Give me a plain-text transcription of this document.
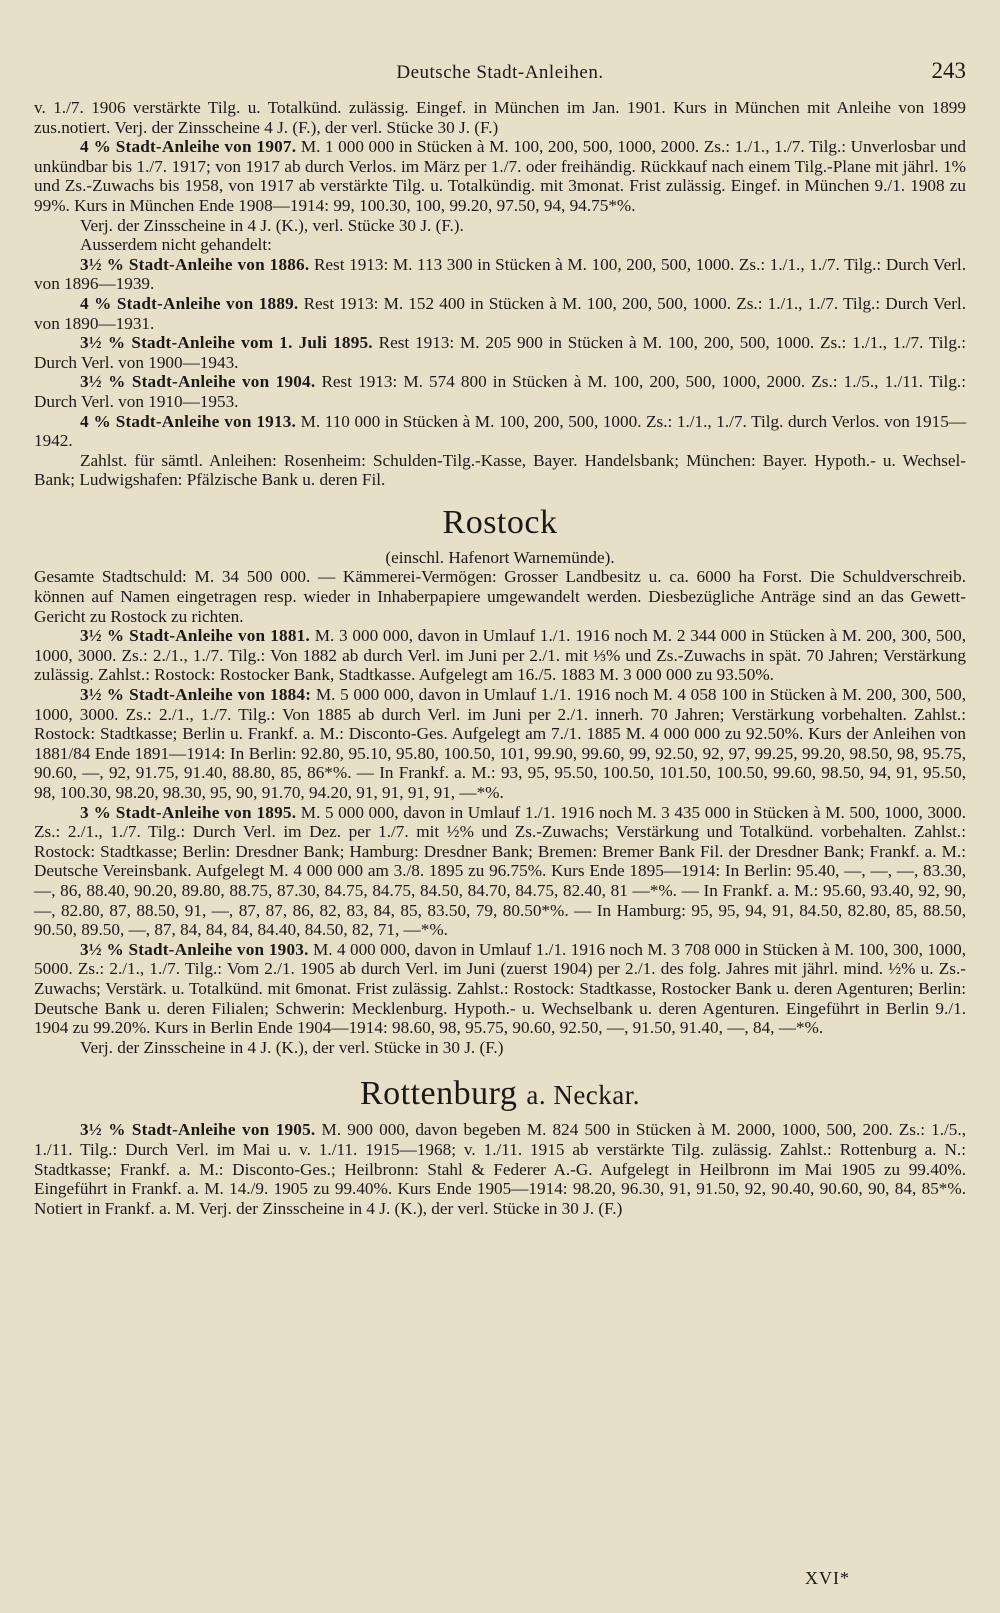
Deutsche Stadt-Anleihen.	243

v. 1./7. 1906 verstärkte Tilg. u. Totalkünd. zulässig. Eingef. in München im Jan. 1901. Kurs in München mit Anleihe von 1899 zus.notiert. Verj. der Zinsscheine 4 J. (F.), der verl. Stücke 30 J. (F.)

4 % Stadt-Anleihe von 1907. M. 1 000 000 in Stücken à M. 100, 200, 500, 1000, 2000. Zs.: 1./1., 1./7. Tilg.: Unverlosbar und unkündbar bis 1./7. 1917; von 1917 ab durch Verlos. im März per 1./7. oder freihändig. Rückkauf nach einem Tilg.-Plane mit jährl. 1% und Zs.-Zuwachs bis 1958, von 1917 ab verstärkte Tilg. u. Totalkündig. mit 3monat. Frist zulässig. Eingef. in München 9./1. 1908 zu 99%. Kurs in München Ende 1908—1914: 99, 100.30, 100, 99.20, 97.50, 94, 94.75*%.

Verj. der Zinsscheine in 4 J. (K.), verl. Stücke 30 J. (F.).

Ausserdem nicht gehandelt:

3½ % Stadt-Anleihe von 1886. Rest 1913: M. 113 300 in Stücken à M. 100, 200, 500, 1000. Zs.: 1./1., 1./7. Tilg.: Durch Verl. von 1896—1939.

4 % Stadt-Anleihe von 1889. Rest 1913: M. 152 400 in Stücken à M. 100, 200, 500, 1000. Zs.: 1./1., 1./7. Tilg.: Durch Verl. von 1890—1931.

3½ % Stadt-Anleihe vom 1. Juli 1895. Rest 1913: M. 205 900 in Stücken à M. 100, 200, 500, 1000. Zs.: 1./1., 1./7. Tilg.: Durch Verl. von 1900—1943.

3½ % Stadt-Anleihe von 1904. Rest 1913: M. 574 800 in Stücken à M. 100, 200, 500, 1000, 2000. Zs.: 1./5., 1./11. Tilg.: Durch Verl. von 1910—1953.

4 % Stadt-Anleihe von 1913. M. 110 000 in Stücken à M. 100, 200, 500, 1000. Zs.: 1./1., 1./7. Tilg. durch Verlos. von 1915—1942.

Zahlst. für sämtl. Anleihen: Rosenheim: Schulden-Tilg.-Kasse, Bayer. Handelsbank; München: Bayer. Hypoth.- u. Wechsel-Bank; Ludwigshafen: Pfälzische Bank u. deren Fil.

Rostock
(einschl. Hafenort Warnemünde).

Gesamte Stadtschuld: M. 34 500 000. — Kämmerei-Vermögen: Grosser Landbesitz u. ca. 6000 ha Forst. Die Schuldverschreib. können auf Namen eingetragen resp. wieder in Inhaberpapiere umgewandelt werden. Diesbezügliche Anträge sind an das Gewett-Gericht zu Rostock zu richten.

3½ % Stadt-Anleihe von 1881. M. 3 000 000, davon in Umlauf 1./1. 1916 noch M. 2 344 000 in Stücken à M. 200, 300, 500, 1000, 3000. Zs.: 2./1., 1./7. Tilg.: Von 1882 ab durch Verl. im Juni per 2./1. mit ⅓% und Zs.-Zuwachs in spät. 70 Jahren; Verstärkung zulässig. Zahlst.: Rostock: Rostocker Bank, Stadtkasse. Aufgelegt am 16./5. 1883 M. 3 000 000 zu 93.50%.

3½ % Stadt-Anleihe von 1884: M. 5 000 000, davon in Umlauf 1./1. 1916 noch M. 4 058 100 in Stücken à M. 200, 300, 500, 1000, 3000. Zs.: 2./1., 1./7. Tilg.: Von 1885 ab durch Verl. im Juni per 2./1. innerh. 70 Jahren; Verstärkung vorbehalten. Zahlst.: Rostock: Stadtkasse; Berlin u. Frankf. a. M.: Disconto-Ges. Aufgelegt am 7./1. 1885 M. 4 000 000 zu 92.50%. Kurs der Anleihen von 1881/84 Ende 1891—1914: In Berlin: 92.80, 95.10, 95.80, 100.50, 101, 99.90, 99.60, 99, 92.50, 92, 97, 99.25, 99.20, 98.50, 98, 95.75, 90.60, —, 92, 91.75, 91.40, 88.80, 85, 86*%. — In Frankf. a. M.: 93, 95, 95.50, 100.50, 101.50, 100.50, 99.60, 98.50, 94, 91, 95.50, 98, 100.30, 98.20, 98.30, 95, 90, 91.70, 94.20, 91, 91, 91, 91, —*%.

3 % Stadt-Anleihe von 1895. M. 5 000 000, davon in Umlauf 1./1. 1916 noch M. 3 435 000 in Stücken à M. 500, 1000, 3000. Zs.: 2./1., 1./7. Tilg.: Durch Verl. im Dez. per 1./7. mit ½% und Zs.-Zuwachs; Verstärkung und Totalkünd. vorbehalten. Zahlst.: Rostock: Stadtkasse; Berlin: Dresdner Bank; Hamburg: Dresdner Bank; Bremen: Bremer Bank Fil. der Dresdner Bank; Frankf. a. M.: Deutsche Vereinsbank. Aufgelegt M. 4 000 000 am 3./8. 1895 zu 96.75%. Kurs Ende 1895—1914: In Berlin: 95.40, —, —, —, 83.30, —, 86, 88.40, 90.20, 89.80, 88.75, 87.30, 84.75, 84.75, 84.50, 84.70, 84.75, 82.40, 81 —*%. — In Frankf. a. M.: 95.60, 93.40, 92, 90, —, 82.80, 87, 88.50, 91, —, 87, 87, 86, 82, 83, 84, 85, 83.50, 79, 80.50*%. — In Hamburg: 95, 95, 94, 91, 84.50, 82.80, 85, 88.50, 90.50, 89.50, —, 87, 84, 84, 84, 84.40, 84.50, 82, 71, —*%.

3½ % Stadt-Anleihe von 1903. M. 4 000 000, davon in Umlauf 1./1. 1916 noch M. 3 708 000 in Stücken à M. 100, 300, 1000, 5000. Zs.: 2./1., 1./7. Tilg.: Vom 2./1. 1905 ab durch Verl. im Juni (zuerst 1904) per 2./1. des folg. Jahres mit jährl. mind. ½% u. Zs.-Zuwachs; Verstärk. u. Totalkünd. mit 6monat. Frist zulässig. Zahlst.: Rostock: Stadtkasse, Rostocker Bank u. deren Agenturen; Berlin: Deutsche Bank u. deren Filialen; Schwerin: Mecklenburg. Hypoth.- u. Wechselbank u. deren Agenturen. Eingeführt in Berlin 9./1. 1904 zu 99.20%. Kurs in Berlin Ende 1904—1914: 98.60, 98, 95.75, 90.60, 92.50, —, 91.50, 91.40, —, 84, —*%.

Verj. der Zinsscheine in 4 J. (K.), der verl. Stücke in 30 J. (F.)

Rottenburg a. Neckar.

3½ % Stadt-Anleihe von 1905. M. 900 000, davon begeben M. 824 500 in Stücken à M. 2000, 1000, 500, 200. Zs.: 1./5., 1./11. Tilg.: Durch Verl. im Mai u. v. 1./11. 1915—1968; v. 1./11. 1915 ab verstärkte Tilg. zulässig. Zahlst.: Rottenburg a. N.: Stadtkasse; Frankf. a. M.: Disconto-Ges.; Heilbronn: Stahl & Federer A.-G. Aufgelegt in Heilbronn im Mai 1905 zu 99.40%. Eingeführt in Frankf. a. M. 14./9. 1905 zu 99.40%. Kurs Ende 1905—1914: 98.20, 96.30, 91, 91.50, 92, 90.40, 90.60, 90, 84, 85*%. Notiert in Frankf. a. M. Verj. der Zinsscheine in 4 J. (K.), der verl. Stücke in 30 J. (F.)

XVI*
